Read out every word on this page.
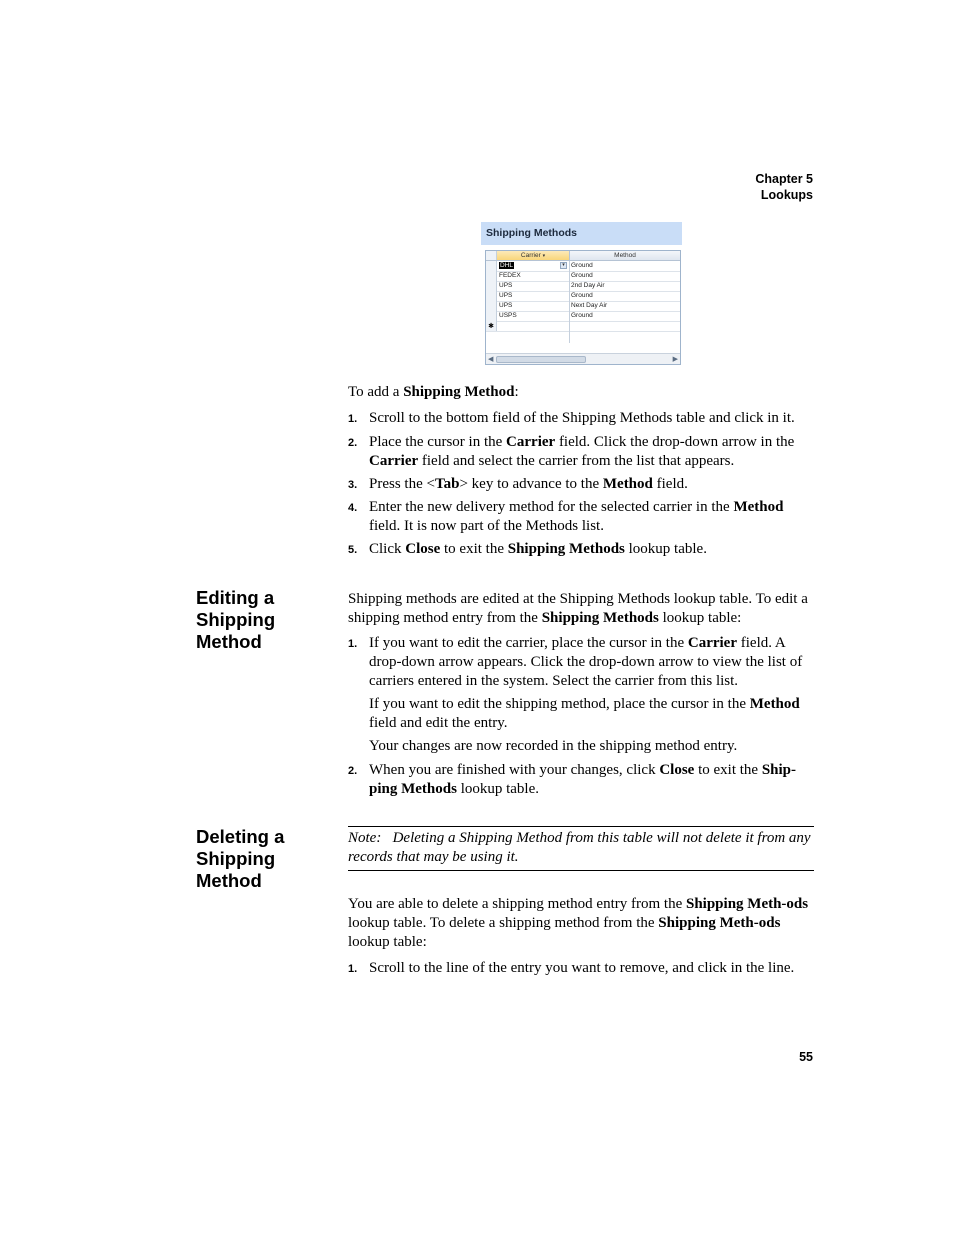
Chapter 5
Lookups
Shipping Methods
Carrier ▾	Method
▾
DHL	Ground
FEDEX	Ground
UPS	2nd Day Air
UPS	Ground
UPS	Next Day Air
USPS	Ground
✱
◀	▶
To add a Shipping Method:
1. Scroll to the bottom field of the Shipping Methods table and click in it.
2. Place the cursor in the Carrier field. Click the drop-down arrow in the Carrier field and select the carrier from the list that appears.
3. Press the <Tab> key to advance to the Method field.
4. Enter the new delivery method for the selected carrier in the Method field. It is now part of the Methods list.
5. Click Close to exit the Shipping Methods lookup table.
Editing a
Shipping
Method
Shipping methods are edited at the Shipping Methods lookup table. To edit a shipping method entry from the Shipping Methods lookup table:
1. If you want to edit the carrier, place the cursor in the Carrier field. A drop-down arrow appears. Click the drop-down arrow to view the list of carriers entered in the system. Select the carrier from this list.
If you want to edit the shipping method, place the cursor in the Method field and edit the entry.
Your changes are now recorded in the shipping method entry.
2. When you are finished with your changes, click Close to exit the Ship-ping Methods lookup table.
Deleting a
Shipping
Method
Note: Deleting a Shipping Method from this table will not delete it from any records that may be using it.
You are able to delete a shipping method entry from the Shipping Meth-ods lookup table. To delete a shipping method from the Shipping Meth-ods lookup table:
1. Scroll to the line of the entry you want to remove, and click in the line.
55
